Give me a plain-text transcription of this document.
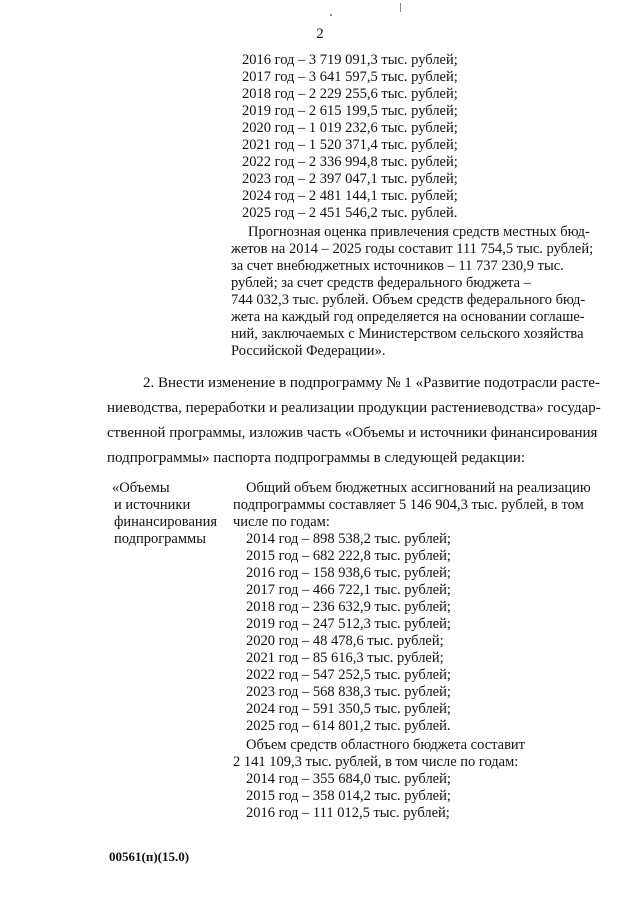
2
2016 год – 3 719 091,3 тыс. рублей;
2017 год – 3 641 597,5 тыс. рублей;
2018 год – 2 229 255,6 тыс. рублей;
2019 год – 2 615 199,5 тыс. рублей;
2020 год – 1 019 232,6 тыс. рублей;
2021 год – 1 520 371,4 тыс. рублей;
2022 год – 2 336 994,8 тыс. рублей;
2023 год – 2 397 047,1 тыс. рублей;
2024 год – 2 481 144,1 тыс. рублей;
2025 год – 2 451 546,2 тыс. рублей.
Прогнозная оценка привлечения средств местных бюд-
жетов на 2014 – 2025 годы составит 111 754,5 тыс. рублей;
за счет внебюджетных источников – 11 737 230,9 тыс.
рублей; за счет средств федерального бюджета –
744 032,3 тыс. рублей. Объем средств федерального бюд-
жета на каждый год определяется на основании соглаше-
ний, заключаемых с Министерством сельского хозяйства
Российской Федерации».
2. Внести изменение в подпрограмму № 1 «Развитие подотрасли расте-
ниеводства, переработки и реализации продукции растениеводства» государ-
ственной программы, изложив часть «Объемы и источники финансирования
подпрограммы» паспорта подпрограммы в следующей редакции:
«Объемы
и источники
финансирования
подпрограммы
Общий объем бюджетных ассигнований на реализацию
подпрограммы составляет 5 146 904,3 тыс. рублей, в том
числе по годам:
2014 год – 898 538,2 тыс. рублей;
2015 год – 682 222,8 тыс. рублей;
2016 год – 158 938,6 тыс. рублей;
2017 год – 466 722,1 тыс. рублей;
2018 год – 236 632,9 тыс. рублей;
2019 год – 247 512,3 тыс. рублей;
2020 год – 48 478,6 тыс. рублей;
2021 год – 85 616,3 тыс. рублей;
2022 год – 547 252,5 тыс. рублей;
2023 год – 568 838,3 тыс. рублей;
2024 год – 591 350,5 тыс. рублей;
2025 год – 614 801,2 тыс. рублей.
Объем средств областного бюджета составит
2 141 109,3 тыс. рублей, в том числе по годам:
2014 год – 355 684,0 тыс. рублей;
2015 год – 358 014,2 тыс. рублей;
2016 год – 111 012,5 тыс. рублей;
00561(п)(15.0)
